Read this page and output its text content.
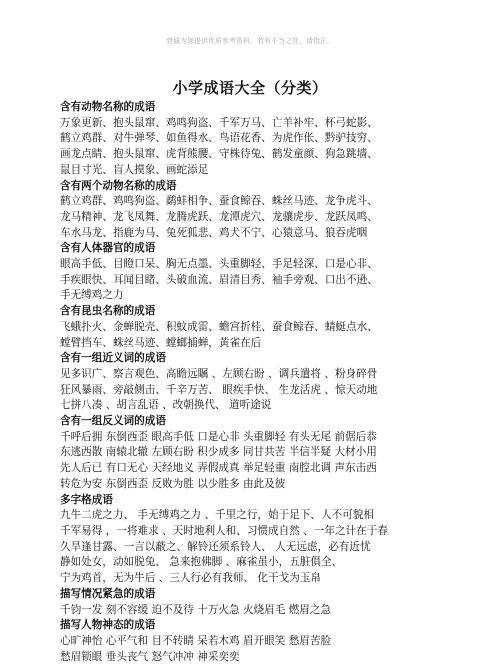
衰诚为您提供优质参考资料，若有不当之处，请指正。
小学成语大全（分类）
含有动物名称的成语
万象更新、抱头鼠窜、鸡鸣狗盗、千军万马、亡羊补牢、杯弓蛇影、
鹤立鸡群、对牛弹琴、如鱼得水、鸟语花香、为虎作伥、黔驴技穷、
画龙点睛、抱头鼠窜、虎背熊腰、守株待兔、鹤发童颜、狗急跳墙、
鼠目寸光、盲人摸象、画蛇添足
含有两个动物名称的成语
鹤立鸡群、鸡鸣狗盗、鹬蚌相争、蚕食鲸吞、蛛丝马迹、龙争虎斗、
龙马精神、龙飞凤舞、龙腾虎跃、龙潭虎穴、龙骧虎步、龙跃凤鸣、
车水马龙、指鹿为马、兔死狐悲、鸡犬不宁、心猿意马、狼吞虎咽
含有人体器官的成语
眼高手低、目瞪口呆、胸无点墨、头重脚轻、手足轻深、口是心非、
手疾眼快、耳闻目睹、头破血流、眉清目秀、袖手旁观、口出不逊、
手无缚鸡之力
含有昆虫名称的成语
飞蛾扑火、金蝉脱壳、积蚊成雷、蟾宫折桂、蚕食鲸吞、蜻蜓点水、
螳臂挡车、蛛丝马迹、螳螂捕蝉，黄雀在后
含有一组近义词的成语
见多识广、察言观色、高瞻远瞩 、左顾右盼 、调兵遣将 、粉身碎骨
狂风暴雨、旁敲侧击、千辛万苦、 眼疾手快、 生龙活虎 、惊天动地
七拼八凑 、胡言乱语 、改朝换代、 道听途说
含有一组反义词的成语
千呼后拥 东倒西歪 眼高手低 口是心非 头重脚轻 有头无尾 前倨后恭
东逃西散 南辕北辙 左顾右盼 积少成多 同甘共苦 半信半疑 大材小用
先人后已 有口无心 天经地义 弄假成真 举足轻重 南腔北调 声东击西
转危为安 东倒西歪 反败为胜 以少胜多 由此及彼
多字格成语
九牛二虎之力、 手无缚鸡之力 、千里之行，始于足下、人不可貌相
千军易得 ，一将难求 、天时地利人和、习惯成自然 、一年之计在于春
久旱逢甘露、一言以蔽之、解铃还须系铃人、 人无远虑，必有近忧
静如处女，动如脱兔、 急来抱佛脚 、麻雀虽小，五脏俱全、
宁为鸡首，无为牛后 、三人行必有我师、 化干戈为玉帛
描写情况紧急的成语
千钧一发 刻不容缓 迫不及待 十万火急 火烧眉毛 燃眉之急
描写人物神态的成语
心旷神怡 心平气和 目不转睛 呆若木鸡 眉开眼笑 愁眉苦脸
愁眉锁眼 垂头丧气 怒气冲冲 神采奕奕
